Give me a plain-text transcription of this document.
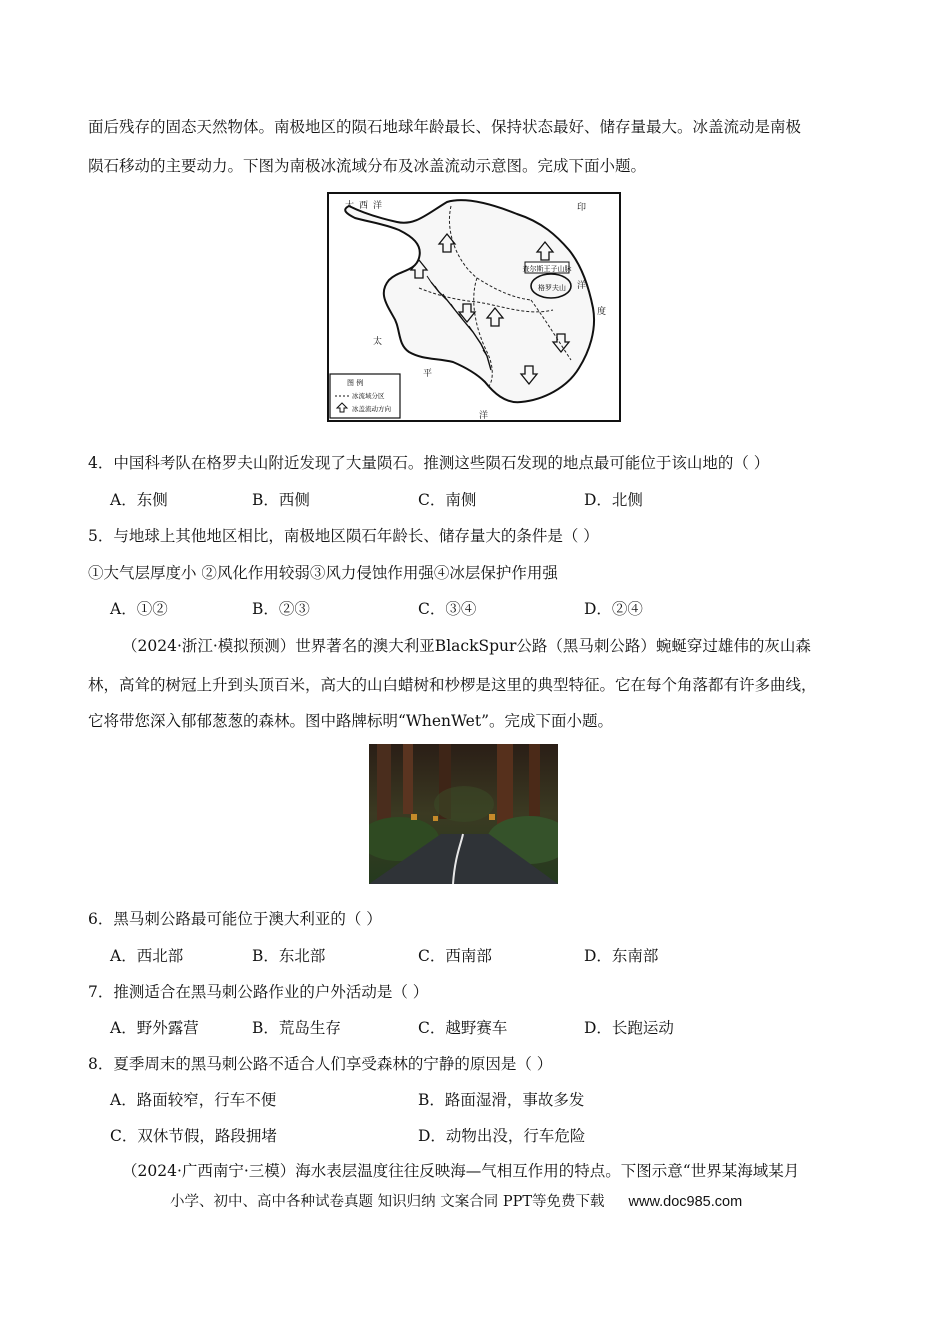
面后残存的固态天然物体。南极地区的陨石地球年龄最长、保持状态最好、储存量最大。冰盖流动是南极
陨石移动的主要动力。下图为南极冰流域分布及冰盖流动示意图。完成下面小题。
查尔斯王子山脉
格罗夫山
大 西 洋	印
度
太
平
洋
洋
图 例
冰流域分区
冰盖流动方向
4．中国科考队在格罗夫山附近发现了大量陨石。推测这些陨石发现的地点最可能位于该山地的（ ）
A．东侧	B．西侧	C．南侧	D．北侧
5．与地球上其他地区相比，南极地区陨石年龄长、储存量大的条件是（ ）
①大气层厚度小 ②风化作用较弱③风力侵蚀作用强④冰层保护作用强
A．①②	B．②③	C．③④	D．②④
（2024·浙江·模拟预测）世界著名的澳大利亚BlackSpur公路（黑马刺公路）蜿蜒穿过雄伟的灰山森
林，高耸的树冠上升到头顶百米，高大的山白蜡树和杪椤是这里的典型特征。它在每个角落都有许多曲线，
它将带您深入郁郁葱葱的森林。图中路牌标明“WhenWet”。完成下面小题。
6．黑马刺公路最可能位于澳大利亚的（ ）
A．西北部	B．东北部	C．西南部	D．东南部
7．推测适合在黑马刺公路作业的户外活动是（ ）
A．野外露营	B．荒岛生存	C．越野赛车	D．长跑运动
8．夏季周末的黑马刺公路不适合人们享受森林的宁静的原因是（ ）
A．路面较窄，行车不便	B．路面湿滑，事故多发
C．双休节假，路段拥堵	D．动物出没，行车危险
（2024·广西南宁·三模）海水表层温度往往反映海—气相互作用的特点。下图示意“世界某海域某月
小学、初中、高中各种试卷真题 知识归纳 文案合同 PPT等免费下载 www.doc985.com
